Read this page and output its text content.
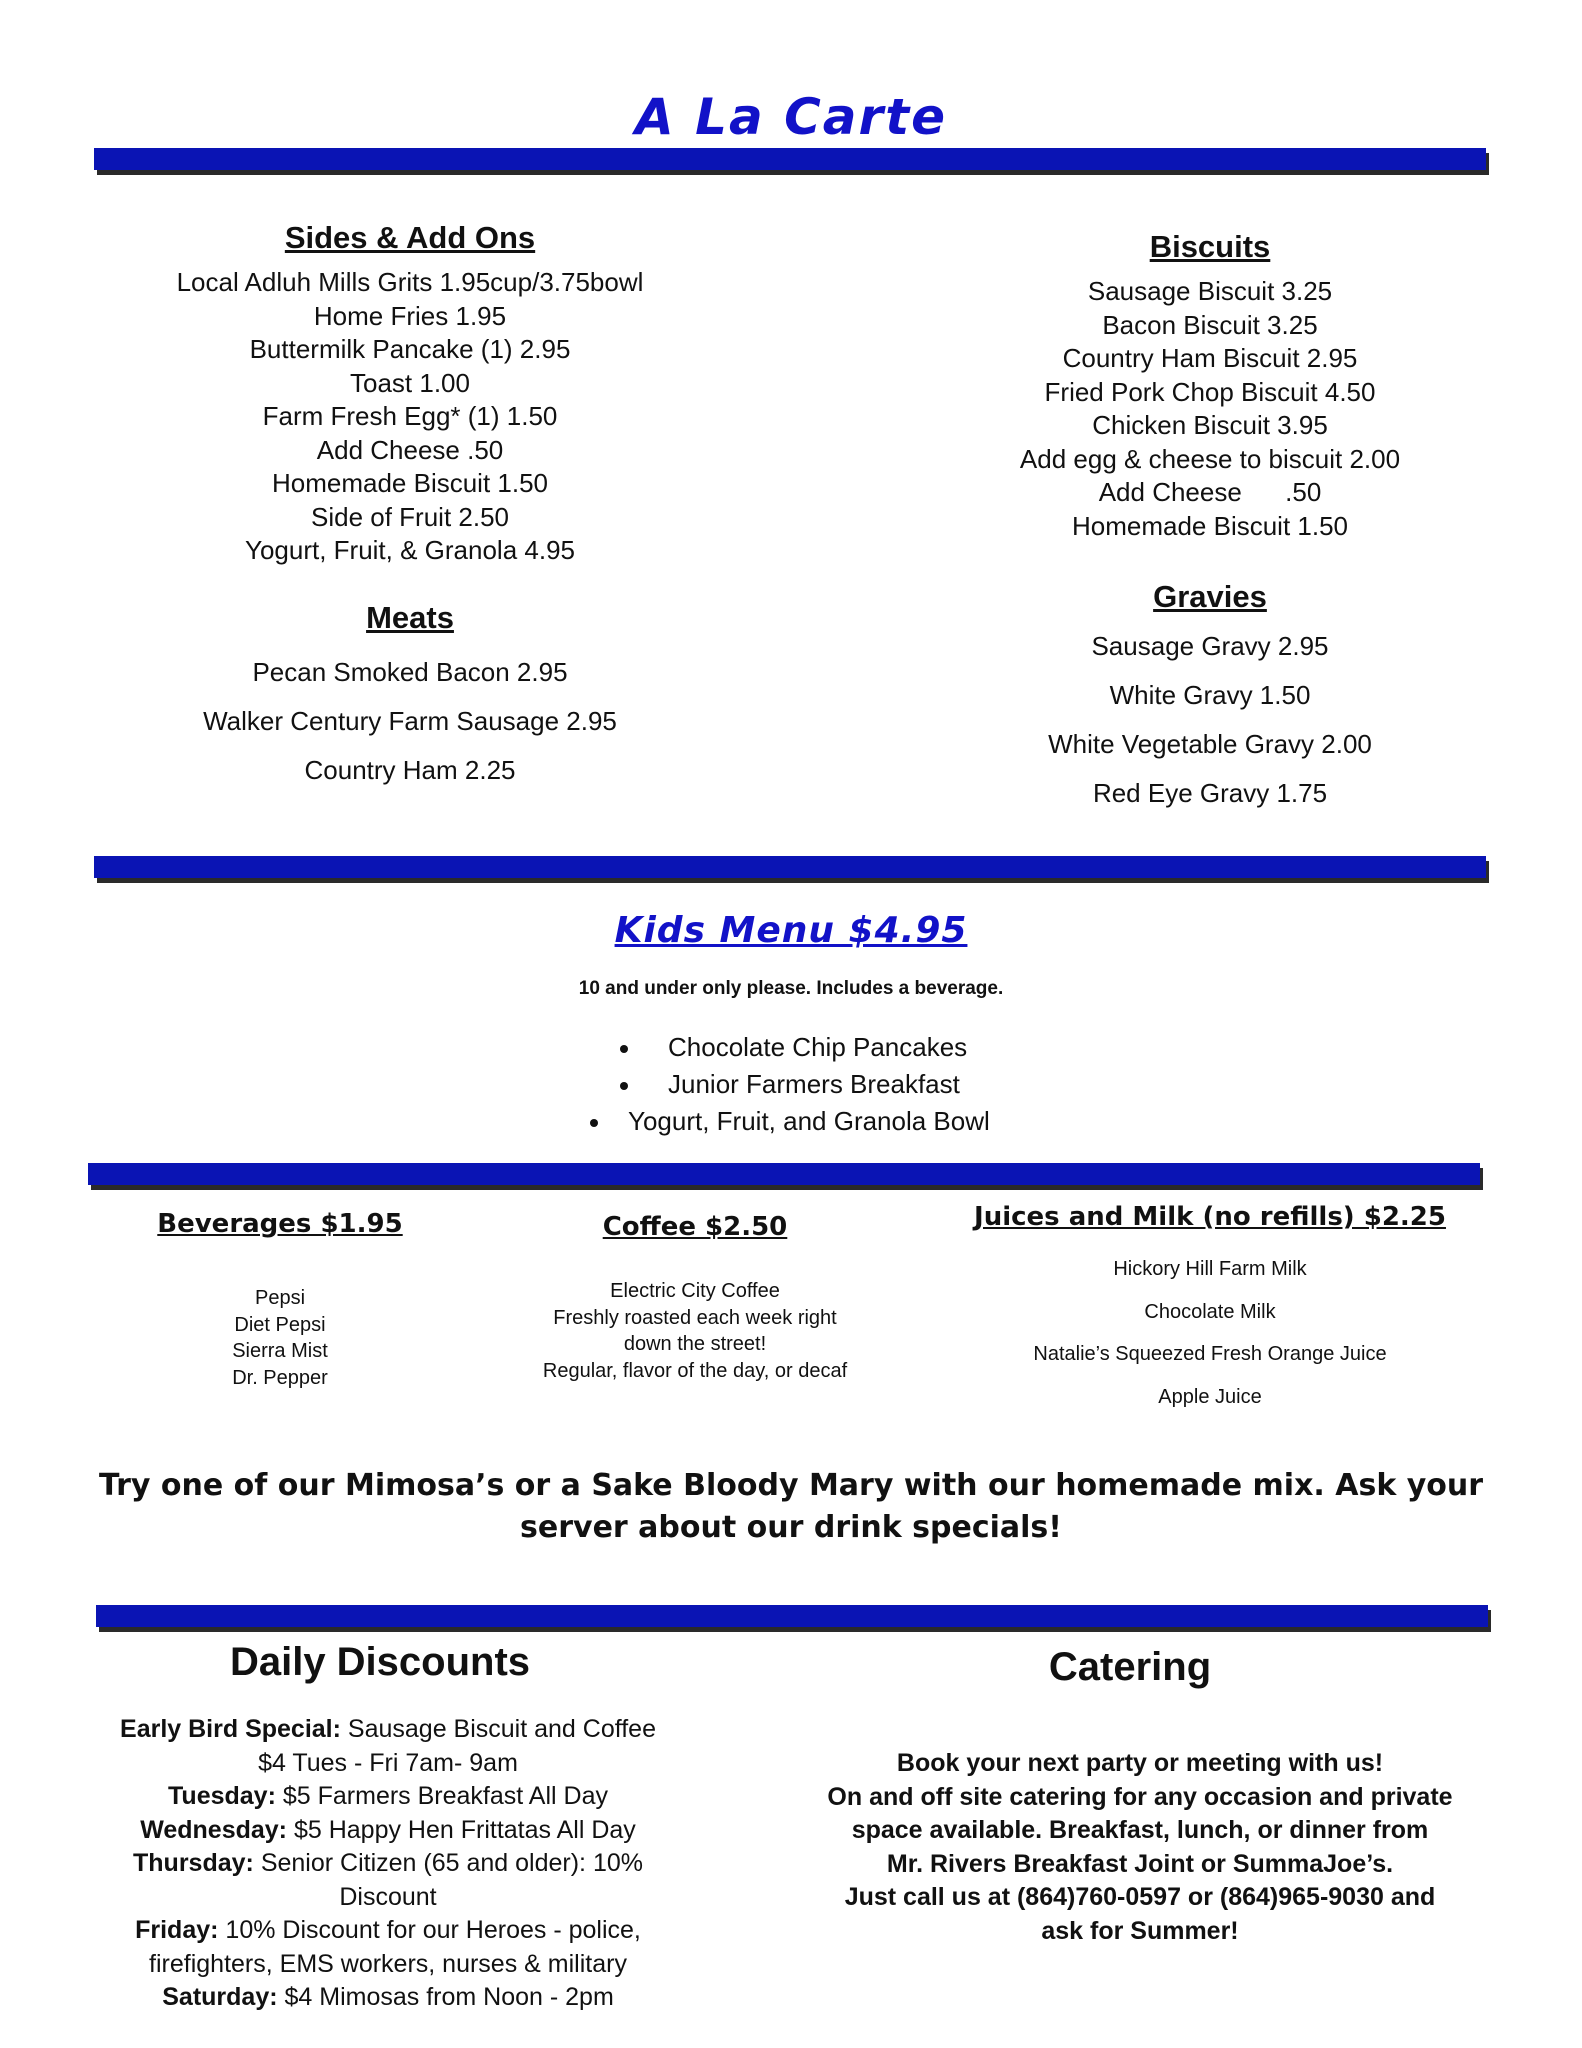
A La Carte
Sides & Add Ons
Local Adluh Mills Grits 1.95cup/3.75bowl
Home Fries 1.95
Buttermilk Pancake (1) 2.95
Toast 1.00
Farm Fresh Egg* (1) 1.50
Add Cheese .50
Homemade Biscuit 1.50
Side of Fruit 2.50
Yogurt, Fruit, & Granola 4.95
Meats
Pecan Smoked Bacon 2.95
Walker Century Farm Sausage 2.95
Country Ham 2.25
Biscuits
Sausage Biscuit 3.25
Bacon Biscuit 3.25
Country Ham Biscuit 2.95
Fried Pork Chop Biscuit 4.50
Chicken Biscuit 3.95
Add egg & cheese to biscuit 2.00
Add Cheese      .50
Homemade Biscuit 1.50
Gravies
Sausage Gravy 2.95
White Gravy 1.50
White Vegetable Gravy 2.00
Red Eye Gravy 1.75
Kids Menu $4.95
10 and under only please. Includes a beverage.
Chocolate Chip Pancakes
Junior Farmers Breakfast
Yogurt, Fruit, and Granola Bowl
Beverages $1.95
Pepsi
Diet Pepsi
Sierra Mist
Dr. Pepper
Coffee $2.50
Electric City Coffee
Freshly roasted each week right
down the street!
Regular, flavor of the day, or decaf
Juices and Milk (no refills) $2.25
Hickory Hill Farm Milk
Chocolate Milk
Natalie’s Squeezed Fresh Orange Juice
Apple Juice
Try one of our Mimosa’s or a Sake Bloody Mary with our homemade mix. Ask your
server about our drink specials!
Daily Discounts

Early Bird Special: Sausage Biscuit and Coffee

$4 Tues - Fri 7am- 9am

Tuesday: $5 Farmers Breakfast All Day

Wednesday: $5 Happy Hen Frittatas All Day

Thursday: Senior Citizen (65 and older): 10%

Discount

Friday: 10% Discount for our Heroes - police,

firefighters, EMS workers, nurses & military

Saturday: $4 Mimosas from Noon - 2pm

Catering

Book your next party or meeting with us!

On and off site catering for any occasion and private

space available. Breakfast, lunch, or dinner from

Mr. Rivers Breakfast Joint or SummaJoe’s.

Just call us at (864)760-0597 or (864)965-9030 and

ask for Summer!
